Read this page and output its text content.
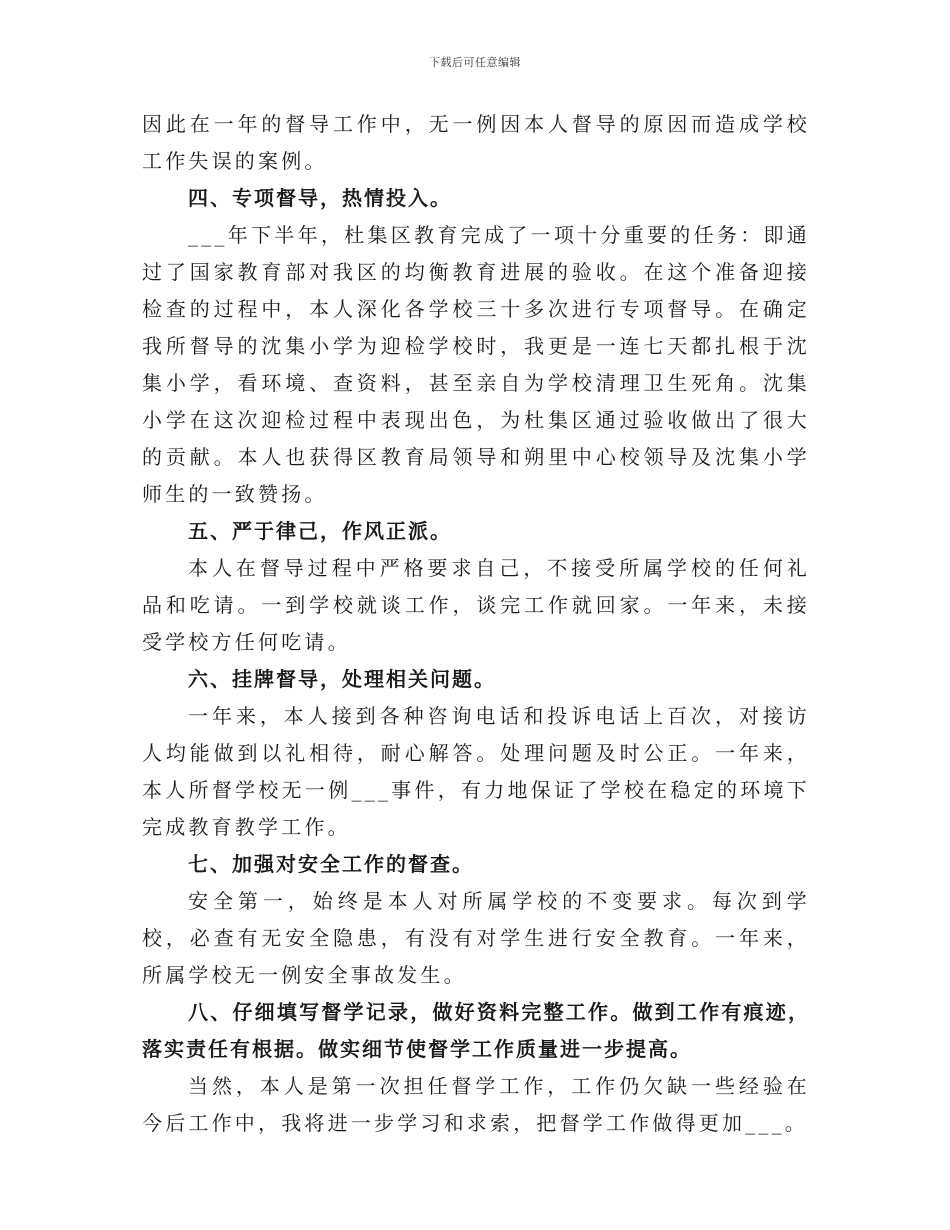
下载后可任意编辑

因此在一年的督导工作中，无一例因本人督导的原因而造成学校工作失误的案例。

四、专项督导，热情投入。

___年下半年，杜集区教育完成了一项十分重要的任务：即通过了国家教育部对我区的均衡教育进展的验收。在这个准备迎接检查的过程中，本人深化各学校三十多次进行专项督导。在确定我所督导的沈集小学为迎检学校时，我更是一连七天都扎根于沈集小学，看环境、查资料，甚至亲自为学校清理卫生死角。沈集小学在这次迎检过程中表现出色，为杜集区通过验收做出了很大的贡献。本人也获得区教育局领导和朔里中心校领导及沈集小学师生的一致赞扬。

五、严于律己，作风正派。

本人在督导过程中严格要求自己，不接受所属学校的任何礼品和吃请。一到学校就谈工作，谈完工作就回家。一年来，未接受学校方任何吃请。

六、挂牌督导，处理相关问题。

一年来，本人接到各种咨询电话和投诉电话上百次，对接访人均能做到以礼相待，耐心解答。处理问题及时公正。一年来，本人所督学校无一例___事件，有力地保证了学校在稳定的环境下完成教育教学工作。

七、加强对安全工作的督查。

安全第一，始终是本人对所属学校的不变要求。每次到学校，必查有无安全隐患，有没有对学生进行安全教育。一年来，所属学校无一例安全事故发生。

八、仔细填写督学记录，做好资料完整工作。做到工作有痕迹，落实责任有根据。做实细节使督学工作质量进一步提高。

当然，本人是第一次担任督学工作，工作仍欠缺一些经验在今后工作中，我将进一步学习和求索，把督学工作做得更加___。
